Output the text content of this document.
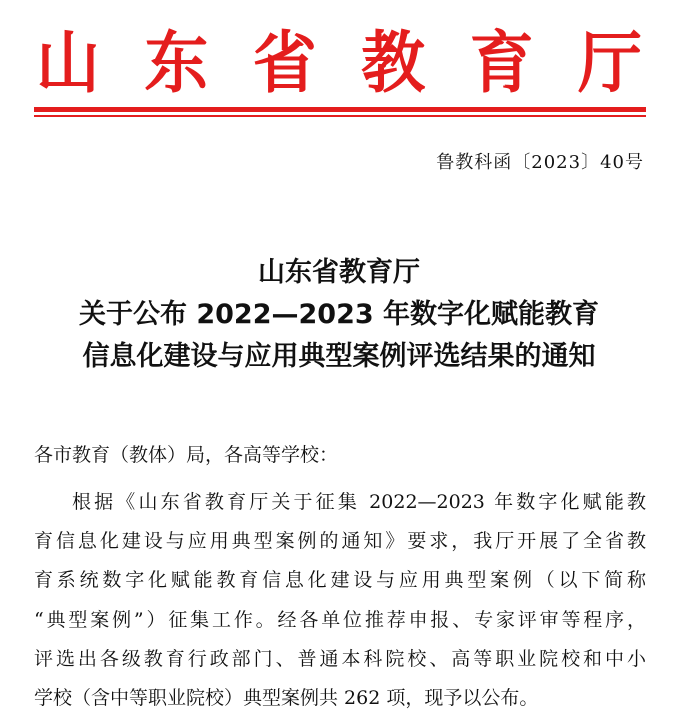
山 东 省 教 育 厅
鲁教科函〔2023〕40号
山东省教育厅
关于公布 2022—2023 年数字化赋能教育
信息化建设与应用典型案例评选结果的通知
各市教育（教体）局，各高等学校：
根据《山东省教育厅关于征集 2022—2023 年数字化赋能教
育信息化建设与应用典型案例的通知》要求，我厅开展了全省教
育系统数字化赋能教育信息化建设与应用典型案例（以下简称
“典型案例”）征集工作。经各单位推荐申报、专家评审等程序，
评选出各级教育行政部门、普通本科院校、高等职业院校和中小
学校（含中等职业院校）典型案例共 262 项，现予以公布。
